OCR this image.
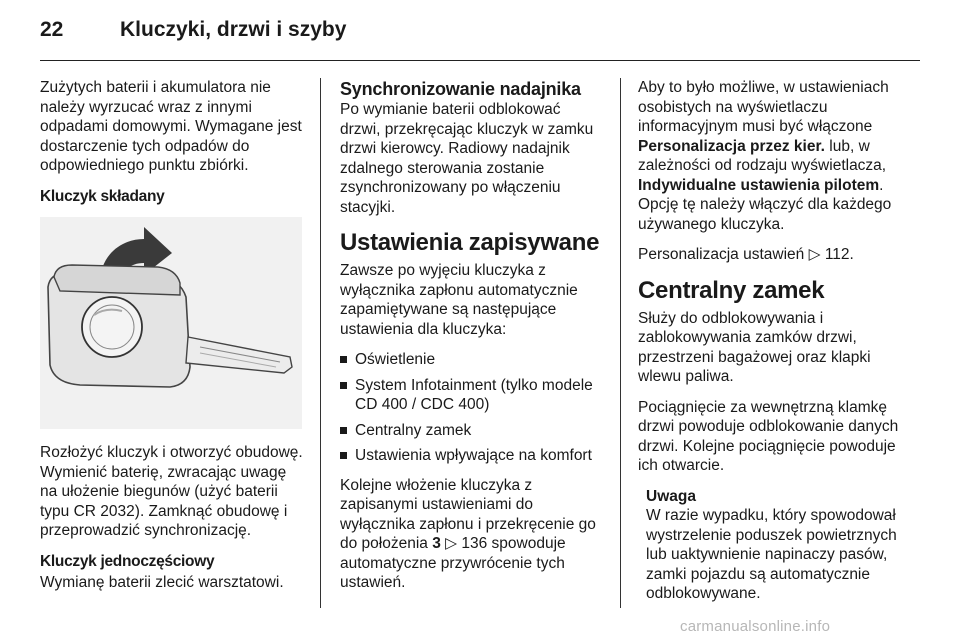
22	Kluczyki, drzwi i szyby

Zużytych baterii i akumulatora nie należy wyrzucać wraz z innymi odpadami domowymi. Wymagane jest dostarczenie tych odpadów do odpowiedniego punktu zbiórki.

Kluczyk składany

Rozłożyć kluczyk i otworzyć obudowę. Wymienić baterię, zwracając uwagę na ułożenie biegunów (użyć baterii typu CR 2032). Zamknąć obudowę i przeprowadzić synchronizację.

Kluczyk jednoczęściowy

Wymianę baterii zlecić warsztatowi.

Synchronizowanie nadajnika

Po wymianie baterii odblokować drzwi, przekręcając kluczyk w zamku drzwi kierowcy. Radiowy nadajnik zdalnego sterowania zostanie zsynchronizowany po włączeniu stacyjki.

Ustawienia zapisywane

Zawsze po wyjęciu kluczyka z wyłącznika zapłonu automatycznie zapamiętywane są następujące ustawienia dla kluczyka:

Oświetlenie
System Infotainment (tylko modele CD 400 / CDC 400)
Centralny zamek
Ustawienia wpływające na komfort

Kolejne włożenie kluczyka z zapisanymi ustawieniami do wyłącznika zapłonu i przekręcenie go do położenia 3 ▷ 136 spowoduje automatyczne przywrócenie tych ustawień.

Aby to było możliwe, w ustawieniach osobistych na wyświetlaczu informacyjnym musi być włączone Personalizacja przez kier. lub, w zależności od rodzaju wyświetlacza, Indywidualne ustawienia pilotem. Opcję tę należy włączyć dla każdego używanego kluczyka.

Personalizacja ustawień ▷ 112.

Centralny zamek

Służy do odblokowywania i zablokowywania zamków drzwi, przestrzeni bagażowej oraz klapki wlewu paliwa.

Pociągnięcie za wewnętrzną klamkę drzwi powoduje odblokowanie danych drzwi. Kolejne pociągnięcie powoduje ich otwarcie.

Uwaga
W razie wypadku, który spowodował wystrzelenie poduszek powietrznych lub uaktywnienie napinaczy pasów, zamki pojazdu są automatycznie odblokowywane.
carmanualsonline.info
